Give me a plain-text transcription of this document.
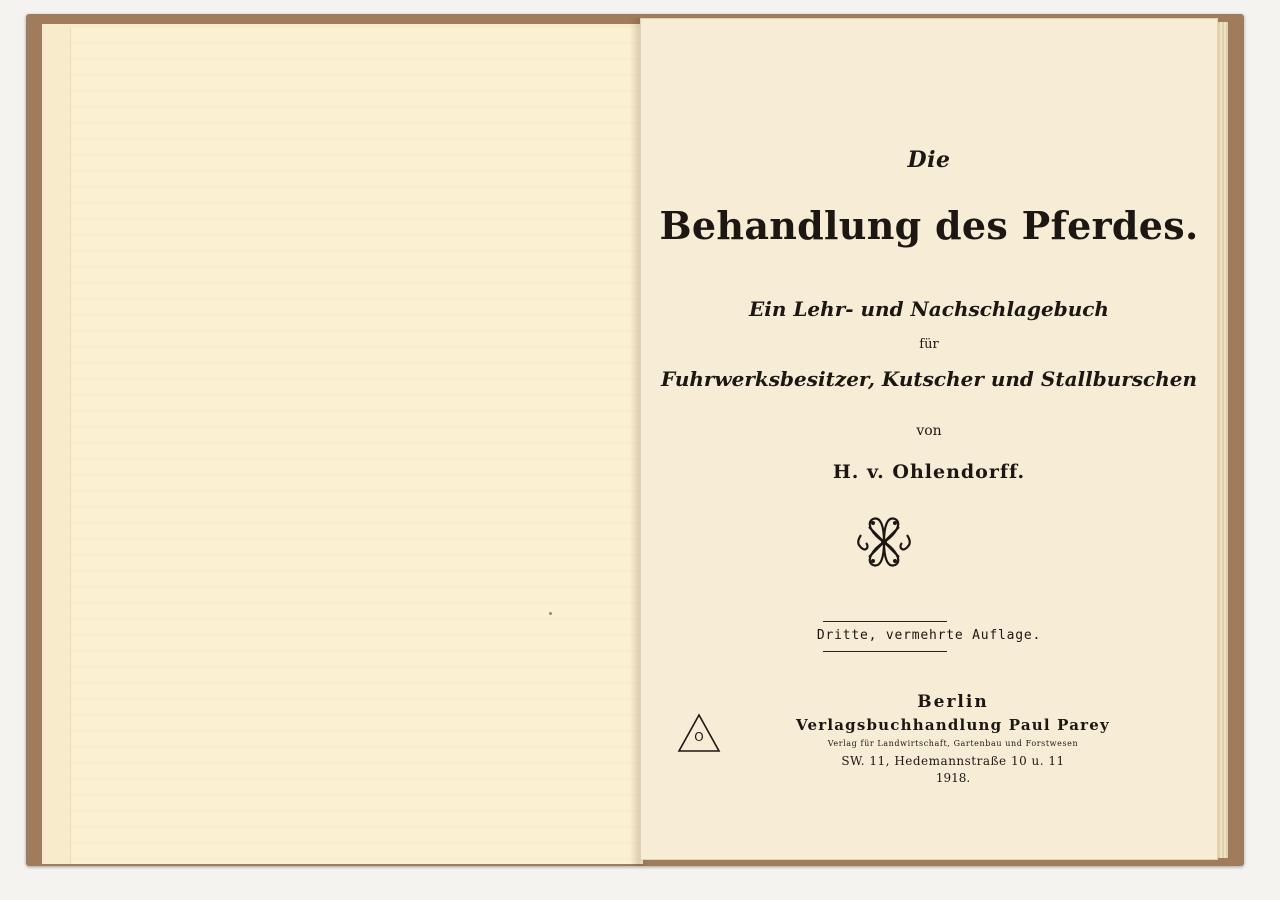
Die
Behandlung des Pferdes.
Ein Lehr- und Nachschlagebuch
für
Fuhrwerksbesitzer, Kutscher und Stallburschen
von
H. v. Ohlendorff.
Dritte, vermehrte Auflage.
O
Berlin
Verlagsbuchhandlung Paul Parey
Verlag für Landwirtschaft, Gartenbau und Forstwesen
SW. 11, Hedemannstraße 10 u. 11
1918.
